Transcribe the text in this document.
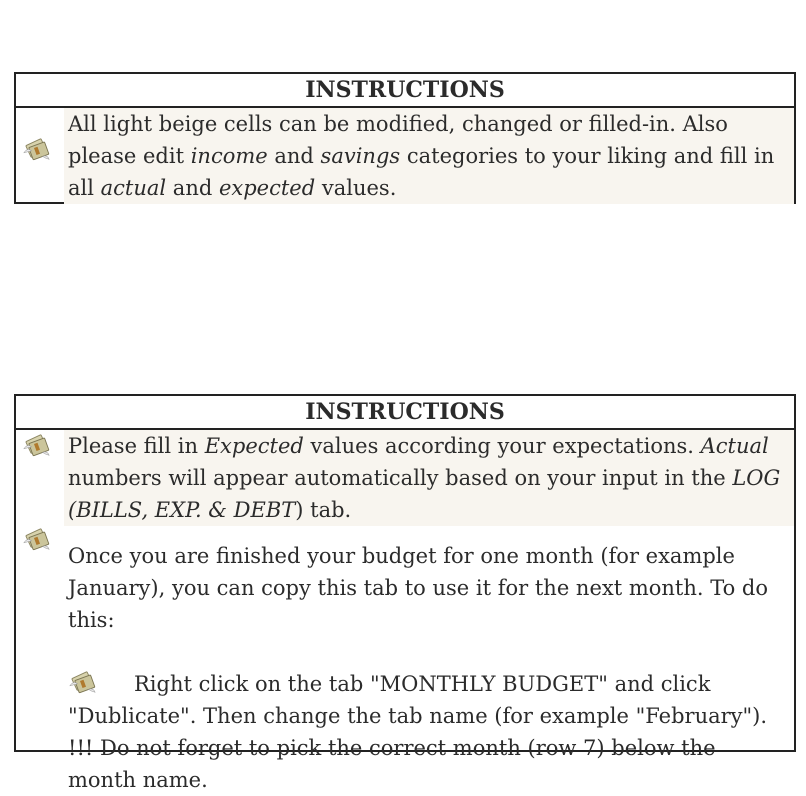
INSTRUCTIONS
All light beige cells can be modified, changed or filled-in. Also please edit income and savings categories to your liking and fill in all actual and expected values.
INSTRUCTIONS
Please fill in Expected values according your expectations. Actual numbers will appear automatically based on your input in the LOG (BILLS, EXP. & DEBT) tab.
Once you are finished your budget for one month (for example January), you can copy this tab to use it for the next month. To do this:
Right click on the tab "MONTHLY BUDGET" and click "Dublicate". Then change the tab name (for example "February"). !!! Do not forget to pick the correct month (row 7) below the month name.
